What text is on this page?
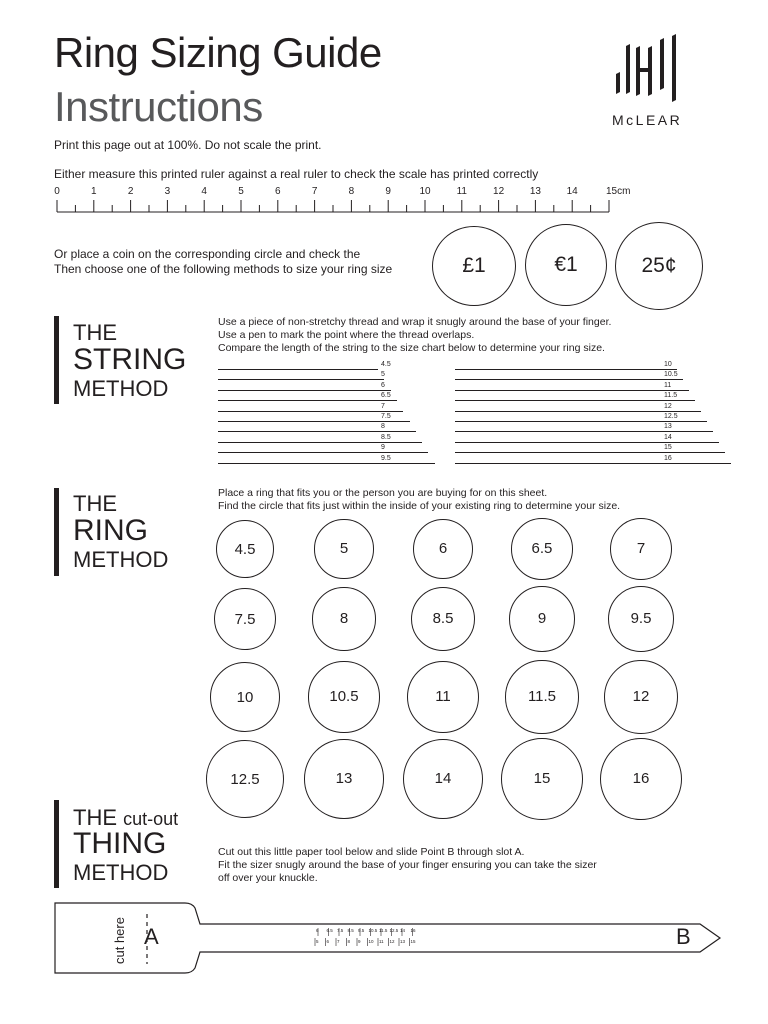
Ring Sizing Guide
Instructions	McLEAR
Print this page out at 100%. Do not scale the print.
Either measure this printed ruler against a real ruler to check the scale has printed correctly
0	1	2	3	4	5	6	7	8	9	10	11	12	13	14	15cm
Or place a coin on the corresponding circle and check the
Then choose one of the following methods to size your ring size	£1	€1	25¢
THE
STRING
METHOD
Use a piece of non-stretchy thread and wrap it snugly around the base of your finger.
Use a pen to mark the point where the thread overlaps.
Compare the length of the string to the size chart below to determine your ring size.
4.5
5
6
6.5
7
7.5
8
8.5
9
9.5
10
10.5
11
11.5
12
12.5
13
14
15
16
THE
RING
METHOD
Place a ring that fits you or the person you are buying for on this sheet.
Find the circle that fits just within the inside of your existing ring to determine your size.
4.5	5	6	6.5	7
7.5	8	8.5	9	9.5
10	10.5	11	11.5	12
12.5	13	14	15	16
THE cut-out
THING
METHOD
Cut out this little paper tool below and slide Point B through slot A.
Fit the sizer snugly around the base of your finger ensuring you can take the sizer
off over your knuckle.
cut here A	B
6 6.5 7.5 8.5 9.5 10.5 11.5 12.5 14 16
5 6 7 8 9 10 11 12 13 15
